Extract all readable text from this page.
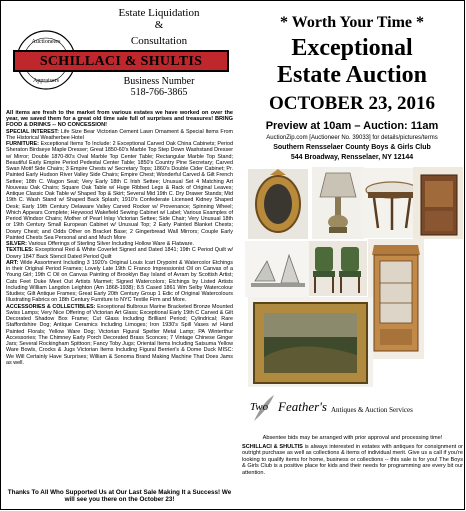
Estate Liquidation
&
Consultation
Auctioneers
Appraisers
SCHILLACI & SHULTIS
Business Number
518-766-3865

All items are fresh to the market from various estates we have worked on over the year, we saved them for a great old time sale full of surprises and treasures! BRING FOOD & DRINKS -- NO CONCESSION!

SPECIAL INTEREST: Life Size Bear Victorian Cement Lawn Ornament & Special Items From The Historical Weatherbee Hotel

FURNITURE: Exceptional Items To Include: 2 Exceptional Carved Oak China Cabinets; Period Sheraton Birdseye Maple Dresser; Great 1850-60's Marble Top Step Down Washstand Dresser w/ Mirror; Double 1870-80's Oval Marble Top Center Table; Rectangular Marble Top Stand; Beautiful Early Empire Period Pedestal Center Table; 1850's Country Pine Secretary; Carved Swan Motif Side Chairs; 3 Empire Chests w/ Secretary Tops; 1860's Double Cider Cabinet; Pr. Painted Early Hudson River Valley Side Chairs; Empire Chest; Wonderful Carved & Gilt French Settee; 18th C. Wagon Seat; Very Early 18th C Irish Settee; Unusual Set 4 Matching Art Nouveau Oak Chairs; Square Oak Table w/ Huge Ribbed Legs & Rack of Original Leaves; Antique Classic Oak Table w/ Shaped Top & Skirt; Several Mid 19th C. Dry Drawer Stands; Mid 19th C. Wash Stand w/ Shaped Back Splash; 1910's Confederate Licensed Kidney Shaped Desk; Early 19th Century Delaware Valley Carved Rocker w/ Provenance; Spinning Wheel; Which Appears Complete; Heywood Wakefield Sewing Cabinet w/ Label; Various Examples of Period Windsor Chairs; Mother of Pearl Inlay Victorian Settee; Side Chair; Very Unusual 18th or 19th Century Small European Cabinet w/ Unusual Top; 2 Early Painted Blanket Chests; Dowry Chest; and Odds Other on Bracket Base; 2 Gingerbread Wall Mirrors; Couple Early Painted Chests Sea Personal and and Much More

SILVER: Various Offerings of Sterling Silver Including Hollow Ware & Flatware.

TEXTILES: Exceptional Red & White Coverlet Signed and Dated 1841; 19th C Period Quilt w/ Dowry 1847 Back Stencil Dated Period Quilt

ART: Wide Assortment Including 3 1920's Original Louis Icart Drypoint & Watercolor Etchings in their Original Period Frames; Lovely Late 19th C Franco Impressionist Oil on Canvas of a Young Girl; 19th C Oil on Canvas Painting of Brooklyn Bay Island of Avram by Scottish Artist; Cats Feet Duke Meet Out Artists Marmet; Signed Watercolors; Etchings by Listed Artists Including William Langdon Leighton (Am 1868-1938); 8.5 Cased 1861 Wm Selby Watercolour Studies; Gilt Antique Frames; Great Early 20th Century Group 1 Edic of Original Watercolours Illustrating Fabrics on 18th Century Furniture to NYC Textile Firm and More.

ACCESSORIES & COLLECTIBLES: Exceptional Bulbrous Marine Bracketed Bronze Mounted Swiss Lamps; Very Nice Offering of Victorian Art Glass; Exceptional Early 19th C Carved & Gilt Decorated Shadow Box Frame; Cut Glass Including Brilliant Period; Cylindrical; Rare Staffordshire Dog; Antique Ceramics Including Limoges; Iron 1930's Spill Vases w/ Hand Painted Florals; Yellow Ware Dog; Victorian Figural Spelter Metal Lamp; PA Winterthur Accessories; The Chimney Early Porch Decorated Brass Sconces; 7 Vintage Chinese Ginger Jars; Several Rockingham Spittoon; Fancy Toby Jugs; Oriental Items Including Satsuma Yellow Ware Bowls, Crocks & Jugs Victorian Items Including Figural Berrieri's & Dome Duck MISC: We Will Certainly Have Surprises; William & Sonoma Brand Making Machine That Does Jams as well.

Thanks To All Who Supported Us at Our Last Sale Making It a Success! We will see you there on the October 23!
* Worth Your Time *
Exceptional
Estate Auction
OCTOBER 23, 2016
Preview at 10am – Auction: 11am
AuctionZip.com [Auctioneer No. 39033] for details/pictures/terms
Southern Rensselaer County Boys & Girls Club
544 Broadway, Rensselaer, NY 12144
Two Feather's Antiques & Auction Services
Absentee bids may be arranged with prior approval and processing time!
SCHILLACI & SHULTIS is always interested in estates with antiques for consignment or outright purchase as well as collections & items of individual merit. Give us a call if you're looking to qualify items for home, business or collections -- this sale is for you! The Boys & Girls Club is a positive place for kids and their needs for programming are every bit our attention.
